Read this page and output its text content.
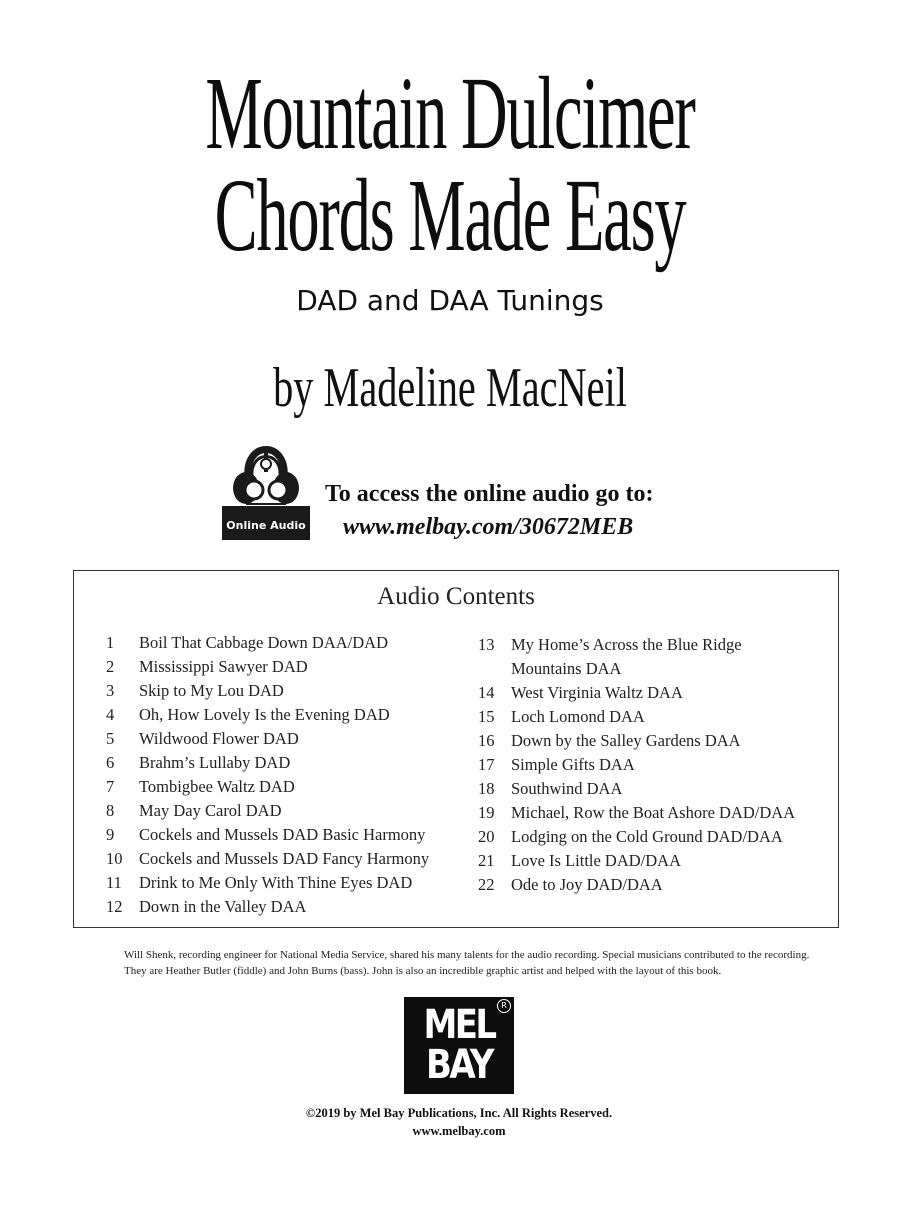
Mountain Dulcimer
Chords Made Easy
DAD and DAA Tunings
by Madeline MacNeil
Online Audio
To access the online audio go to:
www.melbay.com/30672MEB
Audio Contents
1	Boil That Cabbage Down DAA/DAD
2	Mississippi Sawyer DAD
3	Skip to My Lou DAD
4	Oh, How Lovely Is the Evening DAD
5	Wildwood Flower DAD
6	Brahm’s Lullaby DAD
7	Tombigbee Waltz DAD
8	May Day Carol DAD
9	Cockels and Mussels DAD Basic Harmony
10	Cockels and Mussels DAD Fancy Harmony
11	Drink to Me Only With Thine Eyes DAD
12	Down in the Valley DAA
13	My Home’s Across the Blue Ridge
Mountains DAA
14	West Virginia Waltz DAA
15	Loch Lomond DAA
16	Down by the Salley Gardens DAA
17	Simple Gifts DAA
18	Southwind DAA
19	Michael, Row the Boat Ashore DAD/DAA
20	Lodging on the Cold Ground DAD/DAA
21	Love Is Little DAD/DAA
22	Ode to Joy DAD/DAA
Will Shenk, recording engineer for National Media Service, shared his many talents for the audio recording. Special musicians contributed to the recording. They are Heather Butler (fiddle) and John Burns (bass). John is also an incredible graphic artist and helped with the layout of this book.
MEL
BAY
R
©2019 by Mel Bay Publications, Inc. All Rights Reserved.
www.melbay.com
